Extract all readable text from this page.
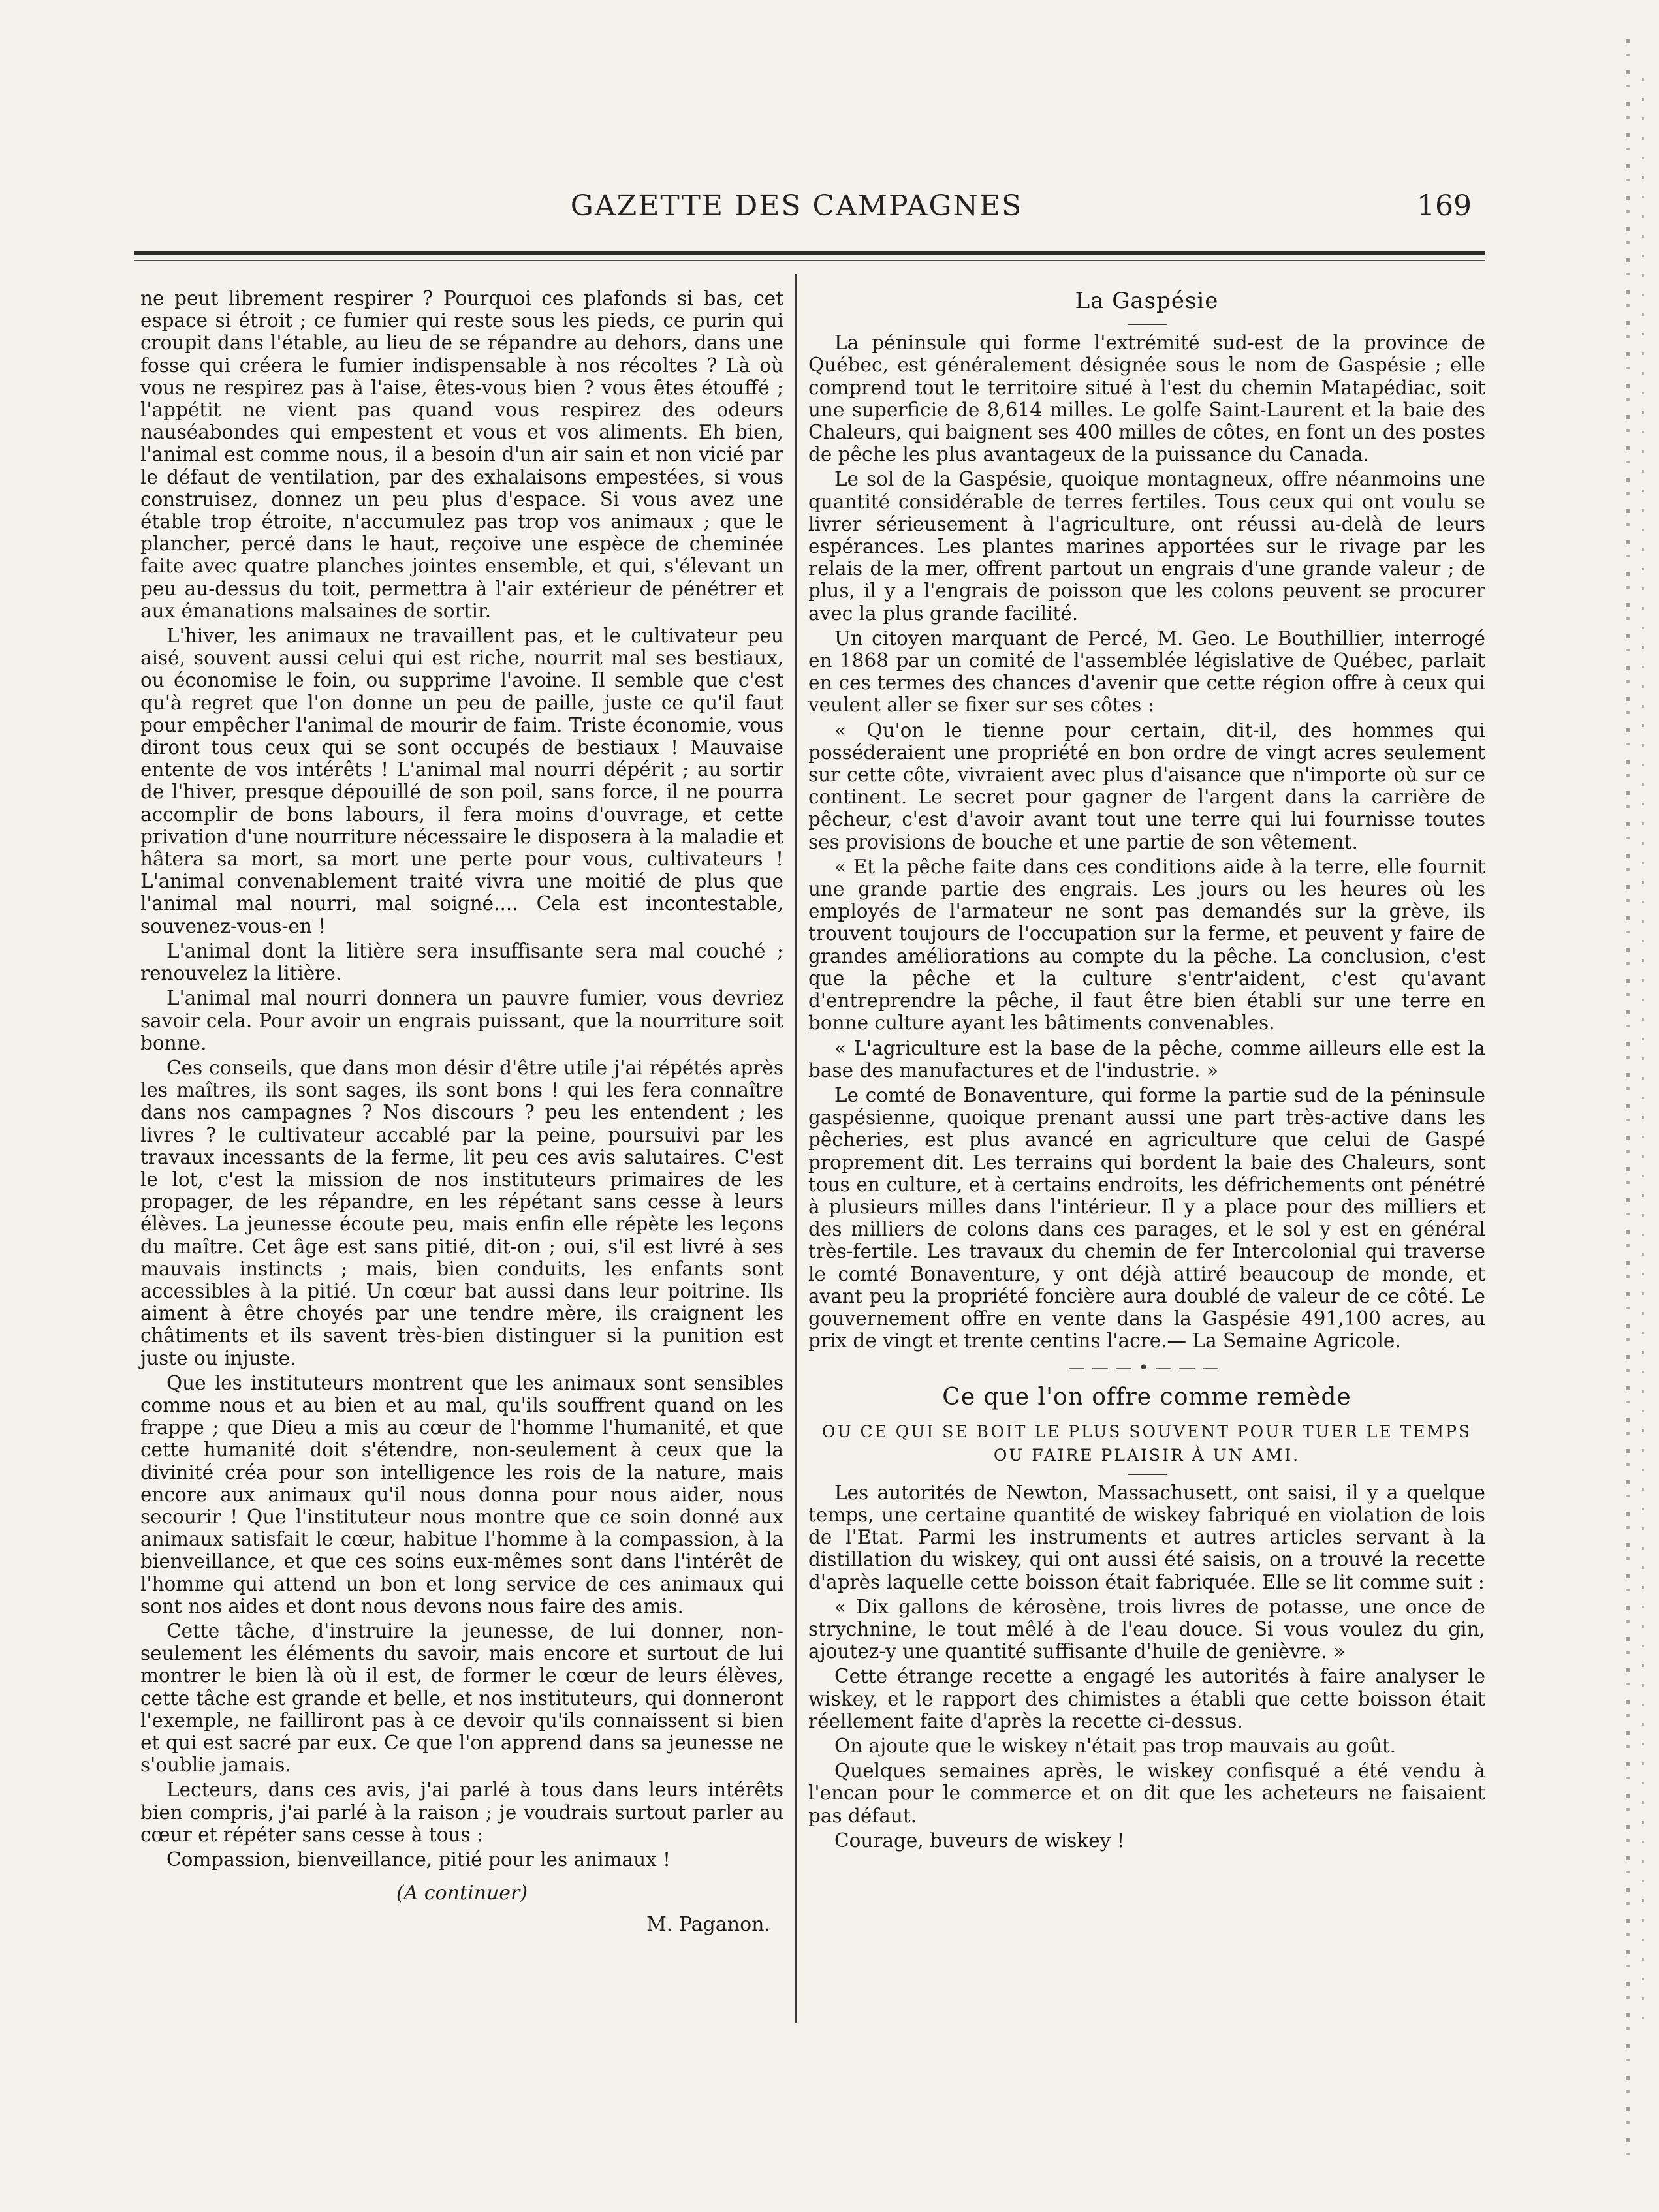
GAZETTE DES CAMPAGNES	169

ne peut librement respirer ? Pourquoi ces plafonds si bas, cet espace si étroit ; ce fumier qui reste sous les pieds, ce purin qui croupit dans l'étable, au lieu de se répandre au dehors, dans une fosse qui créera le fumier indispensable à nos récoltes ? Là où vous ne respirez pas à l'aise, êtes-vous bien ? vous êtes étouffé ; l'appétit ne vient pas quand vous respirez des odeurs nauséabondes qui empestent et vous et vos aliments. Eh bien, l'animal est comme nous, il a besoin d'un air sain et non vicié par le défaut de ventilation, par des exhalaisons empestées, si vous construisez, donnez un peu plus d'espace. Si vous avez une étable trop étroite, n'accumulez pas trop vos animaux ; que le plancher, percé dans le haut, reçoive une espèce de cheminée faite avec quatre planches jointes ensemble, et qui, s'élevant un peu au-dessus du toit, permettra à l'air extérieur de pénétrer et aux émanations malsaines de sortir.

L'hiver, les animaux ne travaillent pas, et le cultivateur peu aisé, souvent aussi celui qui est riche, nourrit mal ses bestiaux, ou économise le foin, ou supprime l'avoine. Il semble que c'est qu'à regret que l'on donne un peu de paille, juste ce qu'il faut pour empêcher l'animal de mourir de faim. Triste économie, vous diront tous ceux qui se sont occupés de bestiaux ! Mauvaise entente de vos intérêts ! L'animal mal nourri dépérit ; au sortir de l'hiver, presque dépouillé de son poil, sans force, il ne pourra accomplir de bons labours, il fera moins d'ouvrage, et cette privation d'une nourriture nécessaire le disposera à la maladie et hâtera sa mort, sa mort une perte pour vous, cultivateurs ! L'animal convenablement traité vivra une moitié de plus que l'animal mal nourri, mal soigné.... Cela est incontestable, souvenez-vous-en !

L'animal dont la litière sera insuffisante sera mal couché ; renouvelez la litière.

L'animal mal nourri donnera un pauvre fumier, vous devriez savoir cela. Pour avoir un engrais puissant, que la nourriture soit bonne.

Ces conseils, que dans mon désir d'être utile j'ai répétés après les maîtres, ils sont sages, ils sont bons ! qui les fera connaître dans nos campagnes ? Nos discours ? peu les entendent ; les livres ? le cultivateur accablé par la peine, poursuivi par les travaux incessants de la ferme, lit peu ces avis salutaires. C'est le lot, c'est la mission de nos instituteurs primaires de les propager, de les répandre, en les répétant sans cesse à leurs élèves. La jeunesse écoute peu, mais enfin elle répète les leçons du maître. Cet âge est sans pitié, dit-on ; oui, s'il est livré à ses mauvais instincts ; mais, bien conduits, les enfants sont accessibles à la pitié. Un cœur bat aussi dans leur poitrine. Ils aiment à être choyés par une tendre mère, ils craignent les châtiments et ils savent très-bien distinguer si la punition est juste ou injuste.

Que les instituteurs montrent que les animaux sont sensibles comme nous et au bien et au mal, qu'ils souffrent quand on les frappe ; que Dieu a mis au cœur de l'homme l'humanité, et que cette humanité doit s'étendre, non-seulement à ceux que la divinité créa pour son intelligence les rois de la nature, mais encore aux animaux qu'il nous donna pour nous aider, nous secourir ! Que l'instituteur nous montre que ce soin donné aux animaux satisfait le cœur, habitue l'homme à la compassion, à la bienveillance, et que ces soins eux-mêmes sont dans l'intérêt de l'homme qui attend un bon et long service de ces animaux qui sont nos aides et dont nous devons nous faire des amis.

Cette tâche, d'instruire la jeunesse, de lui donner, non-seulement les éléments du savoir, mais encore et surtout de lui montrer le bien là où il est, de former le cœur de leurs élèves, cette tâche est grande et belle, et nos instituteurs, qui donneront l'exemple, ne failliront pas à ce devoir qu'ils connaissent si bien et qui est sacré par eux. Ce que l'on apprend dans sa jeunesse ne s'oublie jamais.

Lecteurs, dans ces avis, j'ai parlé à tous dans leurs intérêts bien compris, j'ai parlé à la raison ; je voudrais surtout parler au cœur et répéter sans cesse à tous :

Compassion, bienveillance, pitié pour les animaux !

(A continuer)
M. Paganon.
La Gaspésie

La péninsule qui forme l'extrémité sud-est de la province de Québec, est généralement désignée sous le nom de Gaspésie ; elle comprend tout le territoire situé à l'est du chemin Matapédiac, soit une superficie de 8,614 milles. Le golfe Saint-Laurent et la baie des Chaleurs, qui baignent ses 400 milles de côtes, en font un des postes de pêche les plus avantageux de la puissance du Canada.

Le sol de la Gaspésie, quoique montagneux, offre néanmoins une quantité considérable de terres fertiles. Tous ceux qui ont voulu se livrer sérieusement à l'agriculture, ont réussi au-delà de leurs espérances. Les plantes marines apportées sur le rivage par les relais de la mer, offrent partout un engrais d'une grande valeur ; de plus, il y a l'engrais de poisson que les colons peuvent se procurer avec la plus grande facilité.

Un citoyen marquant de Percé, M. Geo. Le Bouthillier, interrogé en 1868 par un comité de l'assemblée législative de Québec, parlait en ces termes des chances d'avenir que cette région offre à ceux qui veulent aller se fixer sur ses côtes :

« Qu'on le tienne pour certain, dit-il, des hommes qui posséderaient une propriété en bon ordre de vingt acres seulement sur cette côte, vivraient avec plus d'aisance que n'importe où sur ce continent. Le secret pour gagner de l'argent dans la carrière de pêcheur, c'est d'avoir avant tout une terre qui lui fournisse toutes ses provisions de bouche et une partie de son vêtement.

« Et la pêche faite dans ces conditions aide à la terre, elle fournit une grande partie des engrais. Les jours ou les heures où les employés de l'armateur ne sont pas demandés sur la grève, ils trouvent toujours de l'occupation sur la ferme, et peuvent y faire de grandes améliorations au compte du la pêche. La conclusion, c'est que la pêche et la culture s'entr'aident, c'est qu'avant d'entreprendre la pêche, il faut être bien établi sur une terre en bonne culture ayant les bâtiments convenables.

« L'agriculture est la base de la pêche, comme ailleurs elle est la base des manufactures et de l'industrie. »

Le comté de Bonaventure, qui forme la partie sud de la péninsule gaspésienne, quoique prenant aussi une part très-active dans les pêcheries, est plus avancé en agriculture que celui de Gaspé proprement dit. Les terrains qui bordent la baie des Chaleurs, sont tous en culture, et à certains endroits, les défrichements ont pénétré à plusieurs milles dans l'intérieur. Il y a place pour des milliers et des milliers de colons dans ces parages, et le sol y est en général très-fertile. Les travaux du chemin de fer Intercolonial qui traverse le comté Bonaventure, y ont déjà attiré beaucoup de monde, et avant peu la propriété foncière aura doublé de valeur de ce côté. Le gouvernement offre en vente dans la Gaspésie 491,100 acres, au prix de vingt et trente centins l'acre.— La Semaine Agricole.

———•———
Ce que l'on offre comme remède
OU CE QUI SE BOIT LE PLUS SOUVENT POUR TUER LE TEMPS OU FAIRE PLAISIR À UN AMI.

Les autorités de Newton, Massachusett, ont saisi, il y a quelque temps, une certaine quantité de wiskey fabriqué en violation de lois de l'Etat. Parmi les instruments et autres articles servant à la distillation du wiskey, qui ont aussi été saisis, on a trouvé la recette d'après laquelle cette boisson était fabriquée. Elle se lit comme suit :

« Dix gallons de kérosène, trois livres de potasse, une once de strychnine, le tout mêlé à de l'eau douce. Si vous voulez du gin, ajoutez-y une quantité suffisante d'huile de genièvre. »

Cette étrange recette a engagé les autorités à faire analyser le wiskey, et le rapport des chimistes a établi que cette boisson était réellement faite d'après la recette ci-dessus.

On ajoute que le wiskey n'était pas trop mauvais au goût.

Quelques semaines après, le wiskey confisqué a été vendu à l'encan pour le commerce et on dit que les acheteurs ne faisaient pas défaut.

Courage, buveurs de wiskey !
